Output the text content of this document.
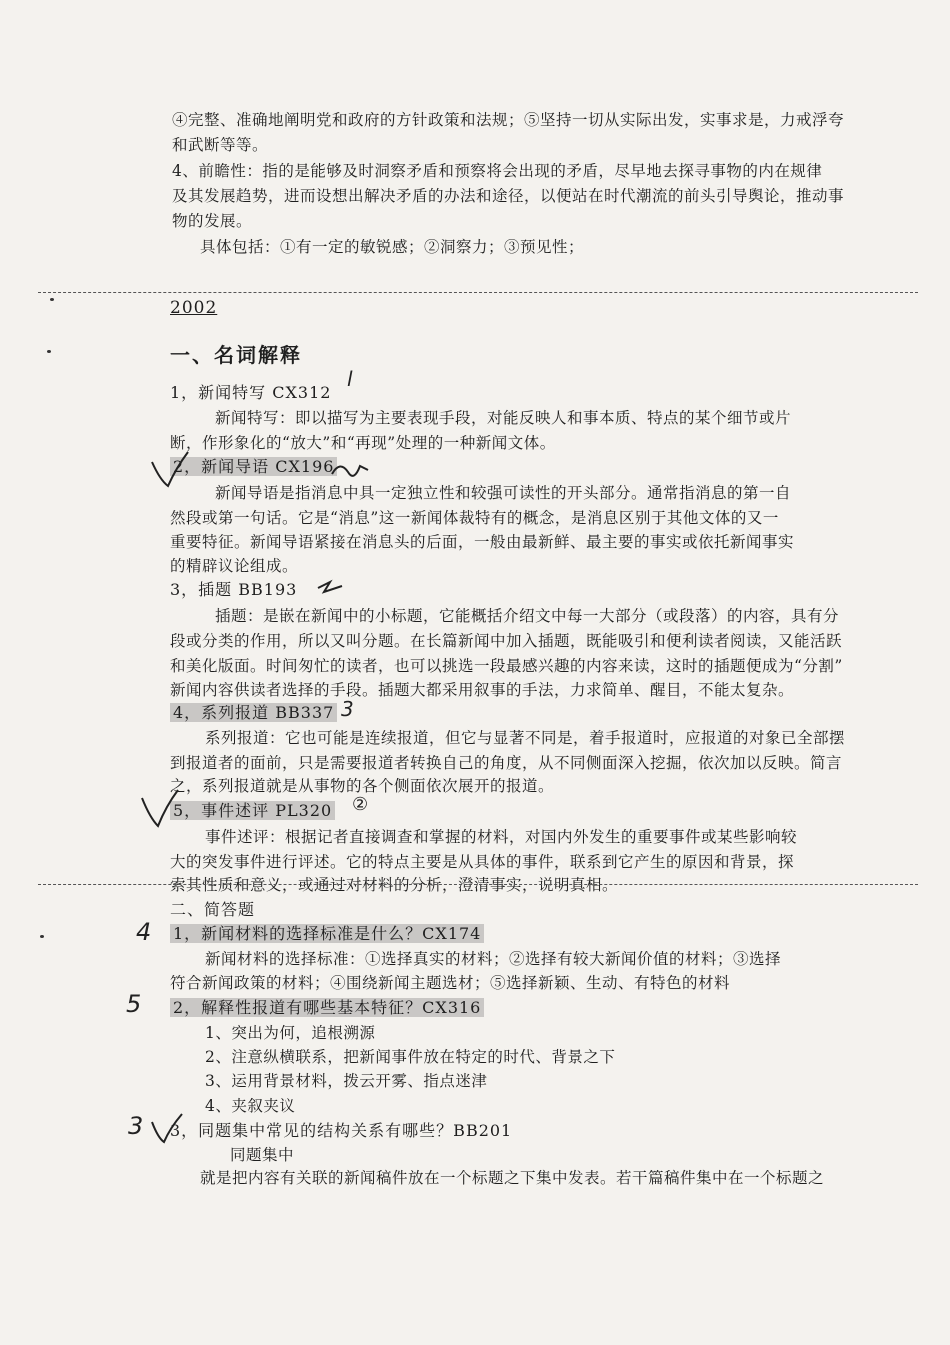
④完整、准确地阐明党和政府的方针政策和法规；⑤坚持一切从实际出发，实事求是，力戒浮夸
和武断等等。
4、前瞻性：指的是能够及时洞察矛盾和预察将会出现的矛盾，尽早地去探寻事物的内在规律
及其发展趋势，进而设想出解决矛盾的办法和途径，以便站在时代潮流的前头引导舆论，推动事
物的发展。
具体包括：①有一定的敏锐感；②洞察力；③预见性；
2002
一、名词解释
1，新闻特写 CX312
新闻特写：即以描写为主要表现手段，对能反映人和事本质、特点的某个细节或片
断，作形象化的“放大”和“再现”处理的一种新闻文体。
2，新闻导语 CX196
新闻导语是指消息中具一定独立性和较强可读性的开头部分。通常指消息的第一自
然段或第一句话。它是“消息”这一新闻体裁特有的概念，是消息区别于其他文体的又一
重要特征。新闻导语紧接在消息头的后面，一般由最新鲜、最主要的事实或依托新闻事实
的精辟议论组成。
3，插题 BB193
插题：是嵌在新闻中的小标题，它能概括介绍文中每一大部分（或段落）的内容，具有分
段或分类的作用，所以又叫分题。在长篇新闻中加入插题，既能吸引和便利读者阅读，又能活跃
和美化版面。时间匆忙的读者，也可以挑选一段最感兴趣的内容来读，这时的插题便成为“分割”
新闻内容供读者选择的手段。插题大都采用叙事的手法，力求简单、醒目，不能太复杂。
4，系列报道 BB337
系列报道：它也可能是连续报道，但它与显著不同是，着手报道时，应报道的对象已全部摆
到报道者的面前，只是需要报道者转换自己的角度，从不同侧面深入挖掘，依次加以反映。简言
之，系列报道就是从事物的各个侧面依次展开的报道。
5，事件述评 PL320
事件述评：根据记者直接调查和掌握的材料，对国内外发生的重要事件或某些影响较
大的突发事件进行评述。它的特点主要是从具体的事件，联系到它产生的原因和背景，探
索其性质和意义，或通过对材料的分析，澄清事实，说明真相。
二、简答题
1，新闻材料的选择标准是什么？CX174
新闻材料的选择标准：①选择真实的材料；②选择有较大新闻价值的材料；③选择
符合新闻政策的材料；④围绕新闻主题选材；⑤选择新颖、生动、有特色的材料
2，解释性报道有哪些基本特征？CX316
1、突出为何，追根溯源
2、注意纵横联系，把新闻事件放在特定的时代、背景之下
3、运用背景材料，拨云开雾、指点迷津
4、夹叙夹议
3，同题集中常见的结构关系有哪些？BB201
同题集中
就是把内容有关联的新闻稿件放在一个标题之下集中发表。若干篇稿件集中在一个标题之
l
3
②
4
5
3
